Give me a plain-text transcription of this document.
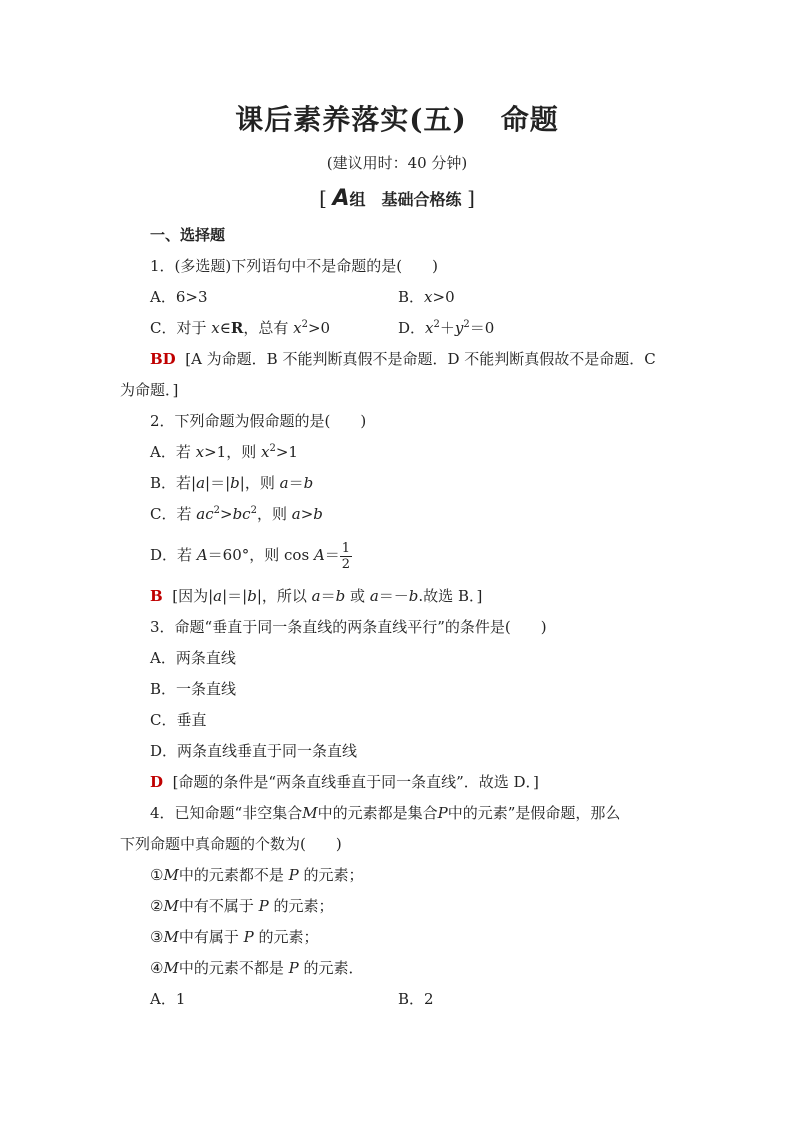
课后素养落实(五) 命题
(建议用时：40 分钟)
[ A组　基础合格练 ]
一、选择题
1．(多选题)下列语句中不是命题的是(　　)
A．6>3	B．x>0
C．对于 x∈R，总有 $x^2>0$	D．$x^2+y^2=0$
BD [A 为命题．B 不能判断真假不是命题．D 不能判断真假故不是命题．C
为命题．]
2．下列命题为假命题的是(　　)
A．若 x>1，则 $x^2>1$
B．若|a|＝|b|，则 a＝b
C．若 $ac^2>bc^2$，则 a>b
D．若 A＝60°，则 $\cos A= \frac{1}{2}$
B [因为|a|＝|b|，所以 a＝b 或 a＝－b.故选 B．]
3．命题“垂直于同一条直线的两条直线平行”的条件是(　　)
A．两条直线
B．一条直线
C．垂直
D．两条直线垂直于同一条直线
D [命题的条件是“两条直线垂直于同一条直线”．故选 D．]
4．已知命题“非空集合M中的元素都是集合P中的元素”是假命题，那么
下列命题中真命题的个数为(　　)
①M中的元素都不是 P 的元素；
②M中有不属于 P 的元素；
③M中有属于 P 的元素；
④M中的元素不都是 P 的元素．
A．1	B．2
